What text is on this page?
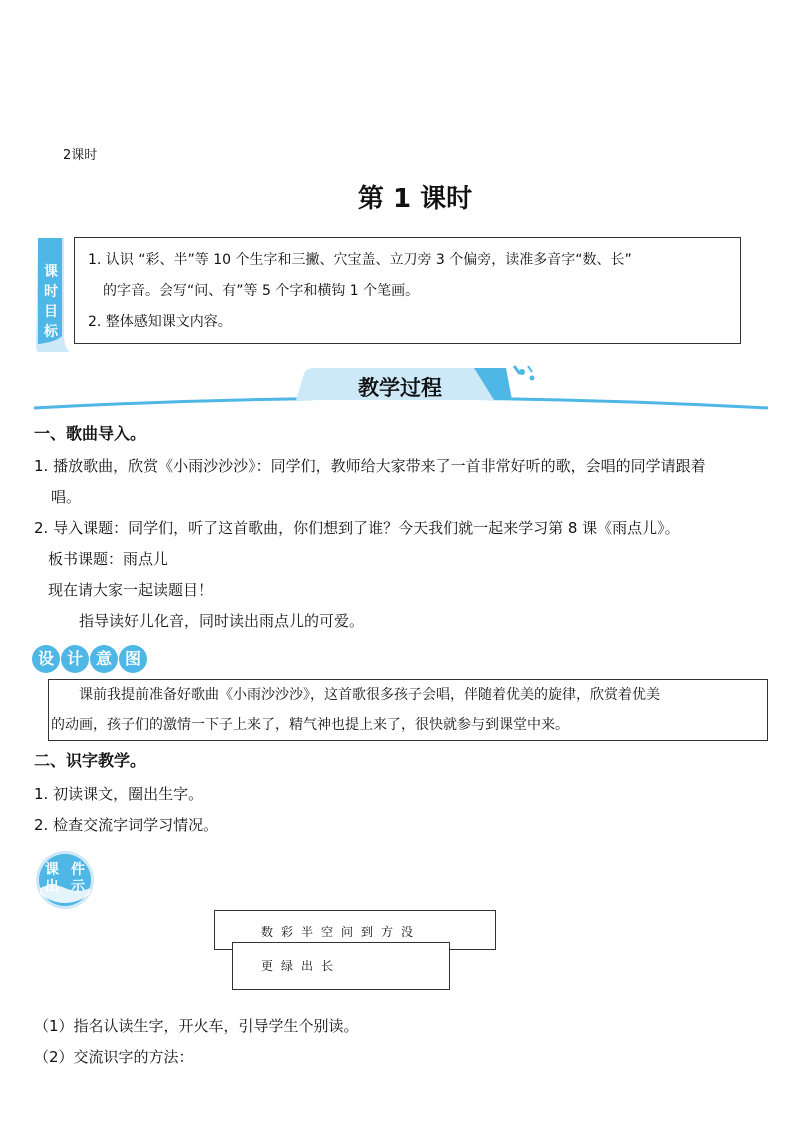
2课时
第 1 课时
课
时
目
标
1. 认识 “彩、半”等 10 个生字和三撇、穴宝盖、立刀旁 3 个偏旁，读准多音字“数、长”
的字音。会写“问、有”等 5 个字和横钩 1 个笔画。
2. 整体感知课文内容。
教学过程
一、歌曲导入。
1. 播放歌曲，欣赏《小雨沙沙沙》：同学们，教师给大家带来了一首非常好听的歌，会唱的同学请跟着
唱。
2. 导入课题：同学们，听了这首歌曲，你们想到了谁？今天我们就一起来学习第 8 课《雨点儿》。
板书课题：雨点儿
现在请大家一起读题目！
指导读好儿化音，同时读出雨点儿的可爱。
设 计 意 图
课前我提前准备好歌曲《小雨沙沙沙》，这首歌很多孩子会唱，伴随着优美的旋律，欣赏着优美
的动画，孩子们的激情一下子上来了，精气神也提上来了，很快就参与到课堂中来。
二、识字教学。
1. 初读课文，圈出生字。
2. 检查交流字词学习情况。
课 件
出 示
数彩半空问到方没
更绿出长
（1）指名认读生字，开火车，引导学生个别读。
（2）交流识字的方法：
